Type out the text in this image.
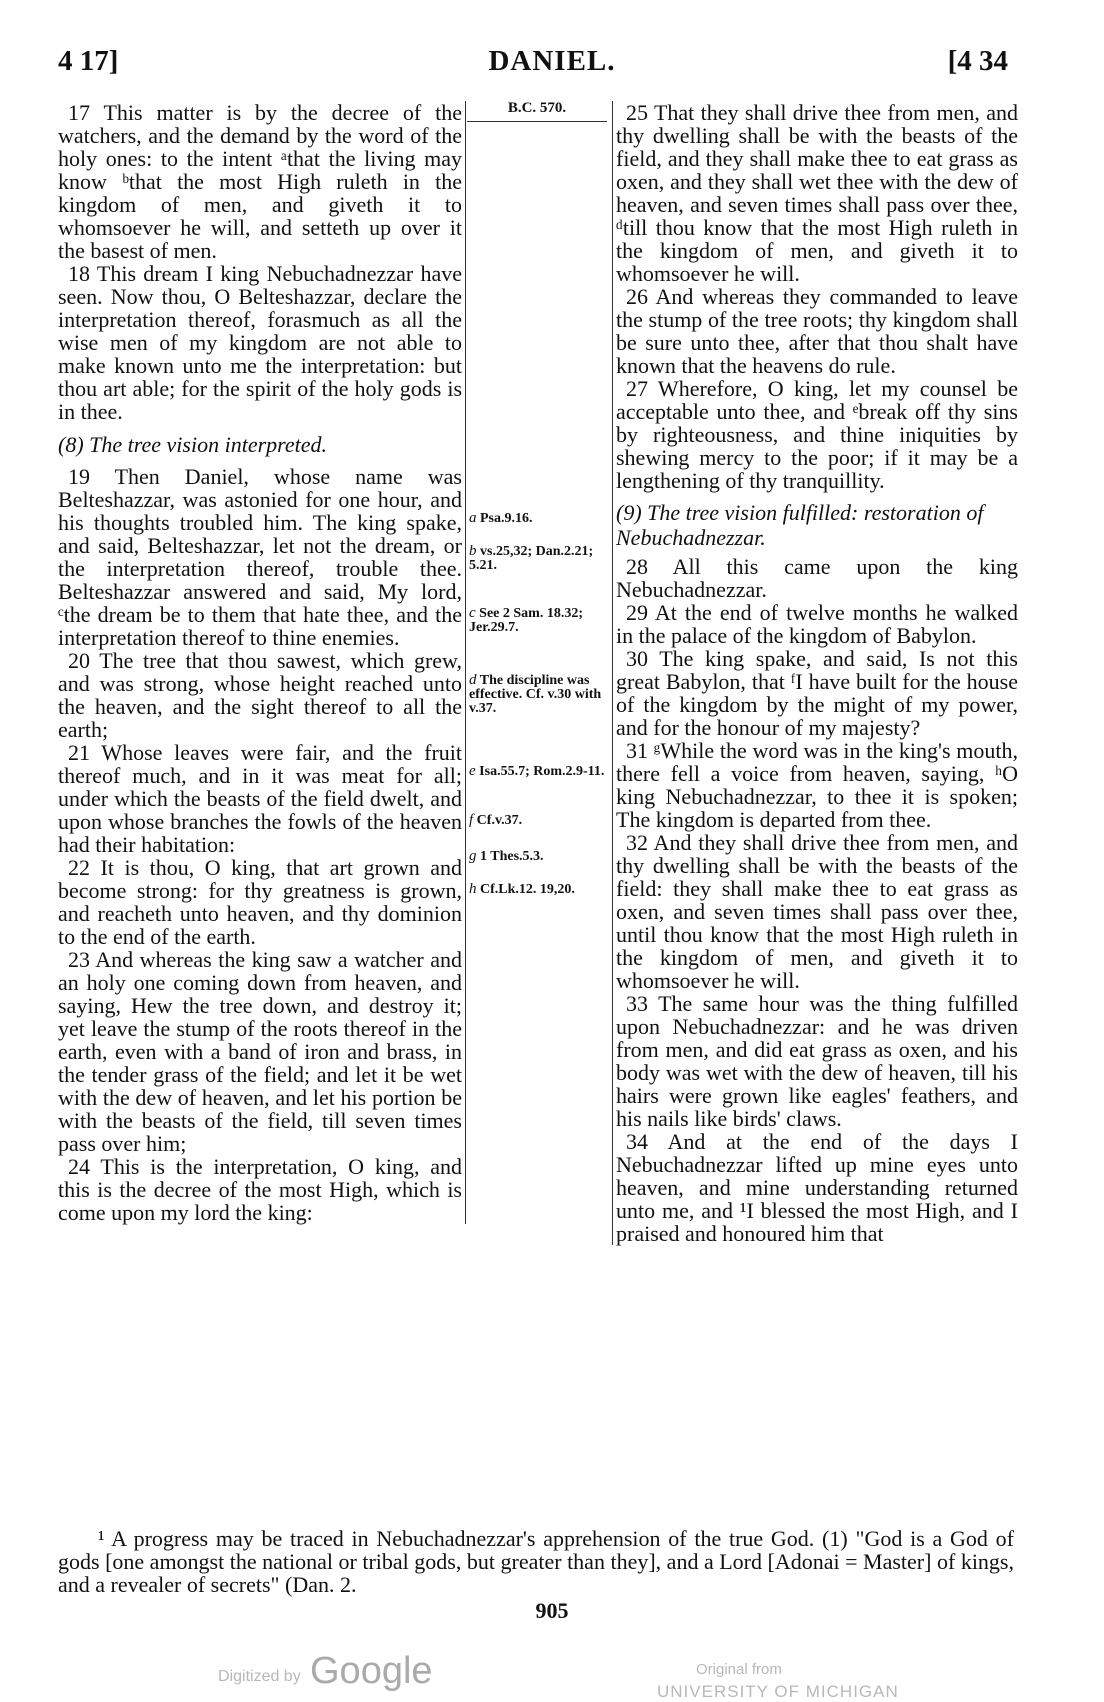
4 17]	DANIEL.	[4 34

17 This matter is by the decree of the watchers, and the demand by the word of the holy ones: to the intent ᵃthat the living may know ᵇthat the most High ruleth in the kingdom of men, and giveth it to whomsoever he will, and setteth up over it the basest of men.

18 This dream I king Nebuchadnezzar have seen. Now thou, O Belteshazzar, declare the interpretation thereof, forasmuch as all the wise men of my kingdom are not able to make known unto me the interpretation: but thou art able; for the spirit of the holy gods is in thee.

(8) The tree vision interpreted.

19 Then Daniel, whose name was Belteshazzar, was astonied for one hour, and his thoughts troubled him. The king spake, and said, Belteshazzar, let not the dream, or the interpretation thereof, trouble thee. Belteshazzar answered and said, My lord, ᶜthe dream be to them that hate thee, and the interpretation thereof to thine enemies.

20 The tree that thou sawest, which grew, and was strong, whose height reached unto the heaven, and the sight thereof to all the earth;

21 Whose leaves were fair, and the fruit thereof much, and in it was meat for all; under which the beasts of the field dwelt, and upon whose branches the fowls of the heaven had their habitation:

22 It is thou, O king, that art grown and become strong: for thy greatness is grown, and reacheth unto heaven, and thy dominion to the end of the earth.

23 And whereas the king saw a watcher and an holy one coming down from heaven, and saying, Hew the tree down, and destroy it; yet leave the stump of the roots thereof in the earth, even with a band of iron and brass, in the tender grass of the field; and let it be wet with the dew of heaven, and let his portion be with the beasts of the field, till seven times pass over him;

24 This is the interpretation, O king, and this is the decree of the most High, which is come upon my lord the king:

B.C. 570.
a Psa.9.16.
b vs.25,32; Dan.2.21; 5.21.
c See 2 Sam. 18.32; Jer.29.7.
d The discipline was effective. Cf. v.30 with v.37.
e Isa.55.7; Rom.2.9-11.
f Cf.v.37.
g 1 Thes.5.3.
h Cf.Lk.12. 19,20.

25 That they shall drive thee from men, and thy dwelling shall be with the beasts of the field, and they shall make thee to eat grass as oxen, and they shall wet thee with the dew of heaven, and seven times shall pass over thee, ᵈtill thou know that the most High ruleth in the kingdom of men, and giveth it to whomsoever he will.

26 And whereas they commanded to leave the stump of the tree roots; thy kingdom shall be sure unto thee, after that thou shalt have known that the heavens do rule.

27 Wherefore, O king, let my counsel be acceptable unto thee, and ᵉbreak off thy sins by righteousness, and thine iniquities by shewing mercy to the poor; if it may be a lengthening of thy tranquillity.

(9) The tree vision fulfilled: restoration of Nebuchadnezzar.

28 All this came upon the king Nebuchadnezzar.

29 At the end of twelve months he walked in the palace of the kingdom of Babylon.

30 The king spake, and said, Is not this great Babylon, that ᶠI have built for the house of the kingdom by the might of my power, and for the honour of my majesty?

31 ᵍWhile the word was in the king's mouth, there fell a voice from heaven, saying, ʰO king Nebuchadnezzar, to thee it is spoken; The kingdom is departed from thee.

32 And they shall drive thee from men, and thy dwelling shall be with the beasts of the field: they shall make thee to eat grass as oxen, and seven times shall pass over thee, until thou know that the most High ruleth in the kingdom of men, and giveth it to whomsoever he will.

33 The same hour was the thing fulfilled upon Nebuchadnezzar: and he was driven from men, and did eat grass as oxen, and his body was wet with the dew of heaven, till his hairs were grown like eagles' feathers, and his nails like birds' claws.

34 And at the end of the days I Nebuchadnezzar lifted up mine eyes unto heaven, and mine understanding returned unto me, and ¹I blessed the most High, and I praised and honoured him that

¹ A progress may be traced in Nebuchadnezzar's apprehension of the true God. (1) "God is a God of gods [one amongst the national or tribal gods, but greater than they], and a Lord [Adonai = Master] of kings, and a revealer of secrets" (Dan. 2.

905
Digitized by Google	Original from
UNIVERSITY OF MICHIGAN
